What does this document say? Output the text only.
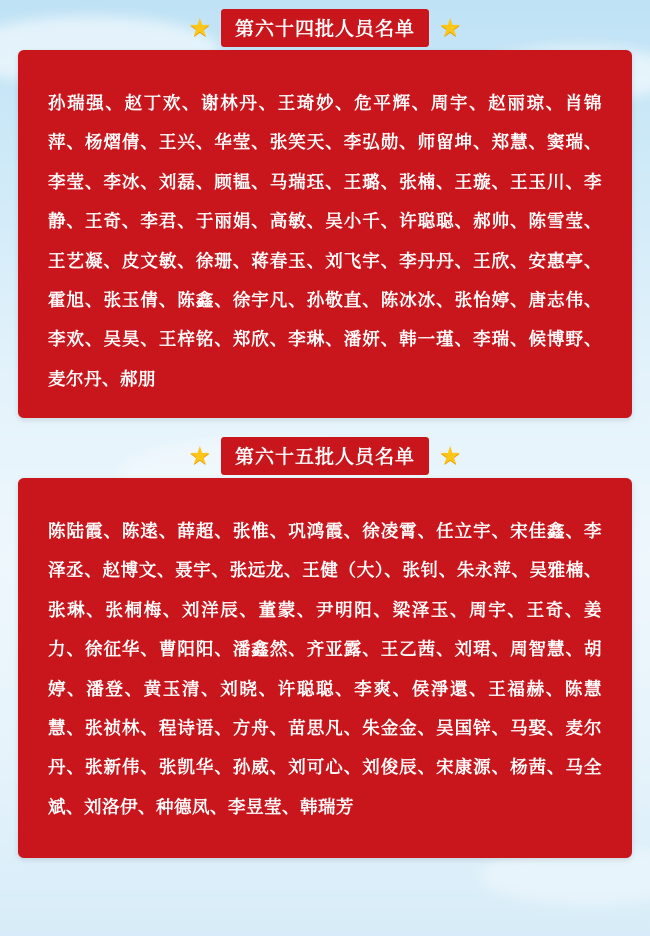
★	第六十四批人员名单 ★
孙瑞强、赵丁欢、谢林丹、王琦妙、危平辉、周宇、赵丽琼、肖锦萍、杨熠倩、王兴、华莹、张笑天、李弘勋、师留坤、郑慧、窦瑞、李莹、李冰、刘磊、顾韫、马瑞珏、王璐、张楠、王璇、王玉川、李静、王奇、李君、于丽娟、高敏、吴小千、许聪聪、郝帅、陈雪莹、王艺凝、皮文敏、徐珊、蒋春玉、刘飞宇、李丹丹、王欣、安惠亭、霍旭、张玉倩、陈鑫、徐宇凡、孙敬直、陈冰冰、张怡婷、唐志伟、李欢、吴昊、王梓铭、郑欣、李琳、潘妍、韩一瑾、李瑞、候博野、麦尔丹、郝朋
★	第六十五批人员名单 ★
陈陆霞、陈逺、薛超、张惟、巩鸿霞、徐凌霄、任立宇、宋佳鑫、李泽丞、赵博文、聂宇、张远龙、王健（大）、张钊、朱永萍、吴雅楠、张琳、张桐梅、刘洋辰、董蒙、尹明阳、梁泽玉、周宇、王奇、姜力、徐征华、曹阳阳、潘鑫然、齐亚露、王乙茜、刘珺、周智慧、胡婷、潘登、黄玉清、刘晓、许聪聪、李爽、侯淨還、王福赫、陈慧慧、张祯林、程诗语、方舟、苗思凡、朱金金、吴国锌、马娶、麦尔丹、张新伟、张凯华、孙威、刘可心、刘俊辰、宋康源、杨茜、马全斌、刘洛伊、种德凤、李昱莹、韩瑞芳
